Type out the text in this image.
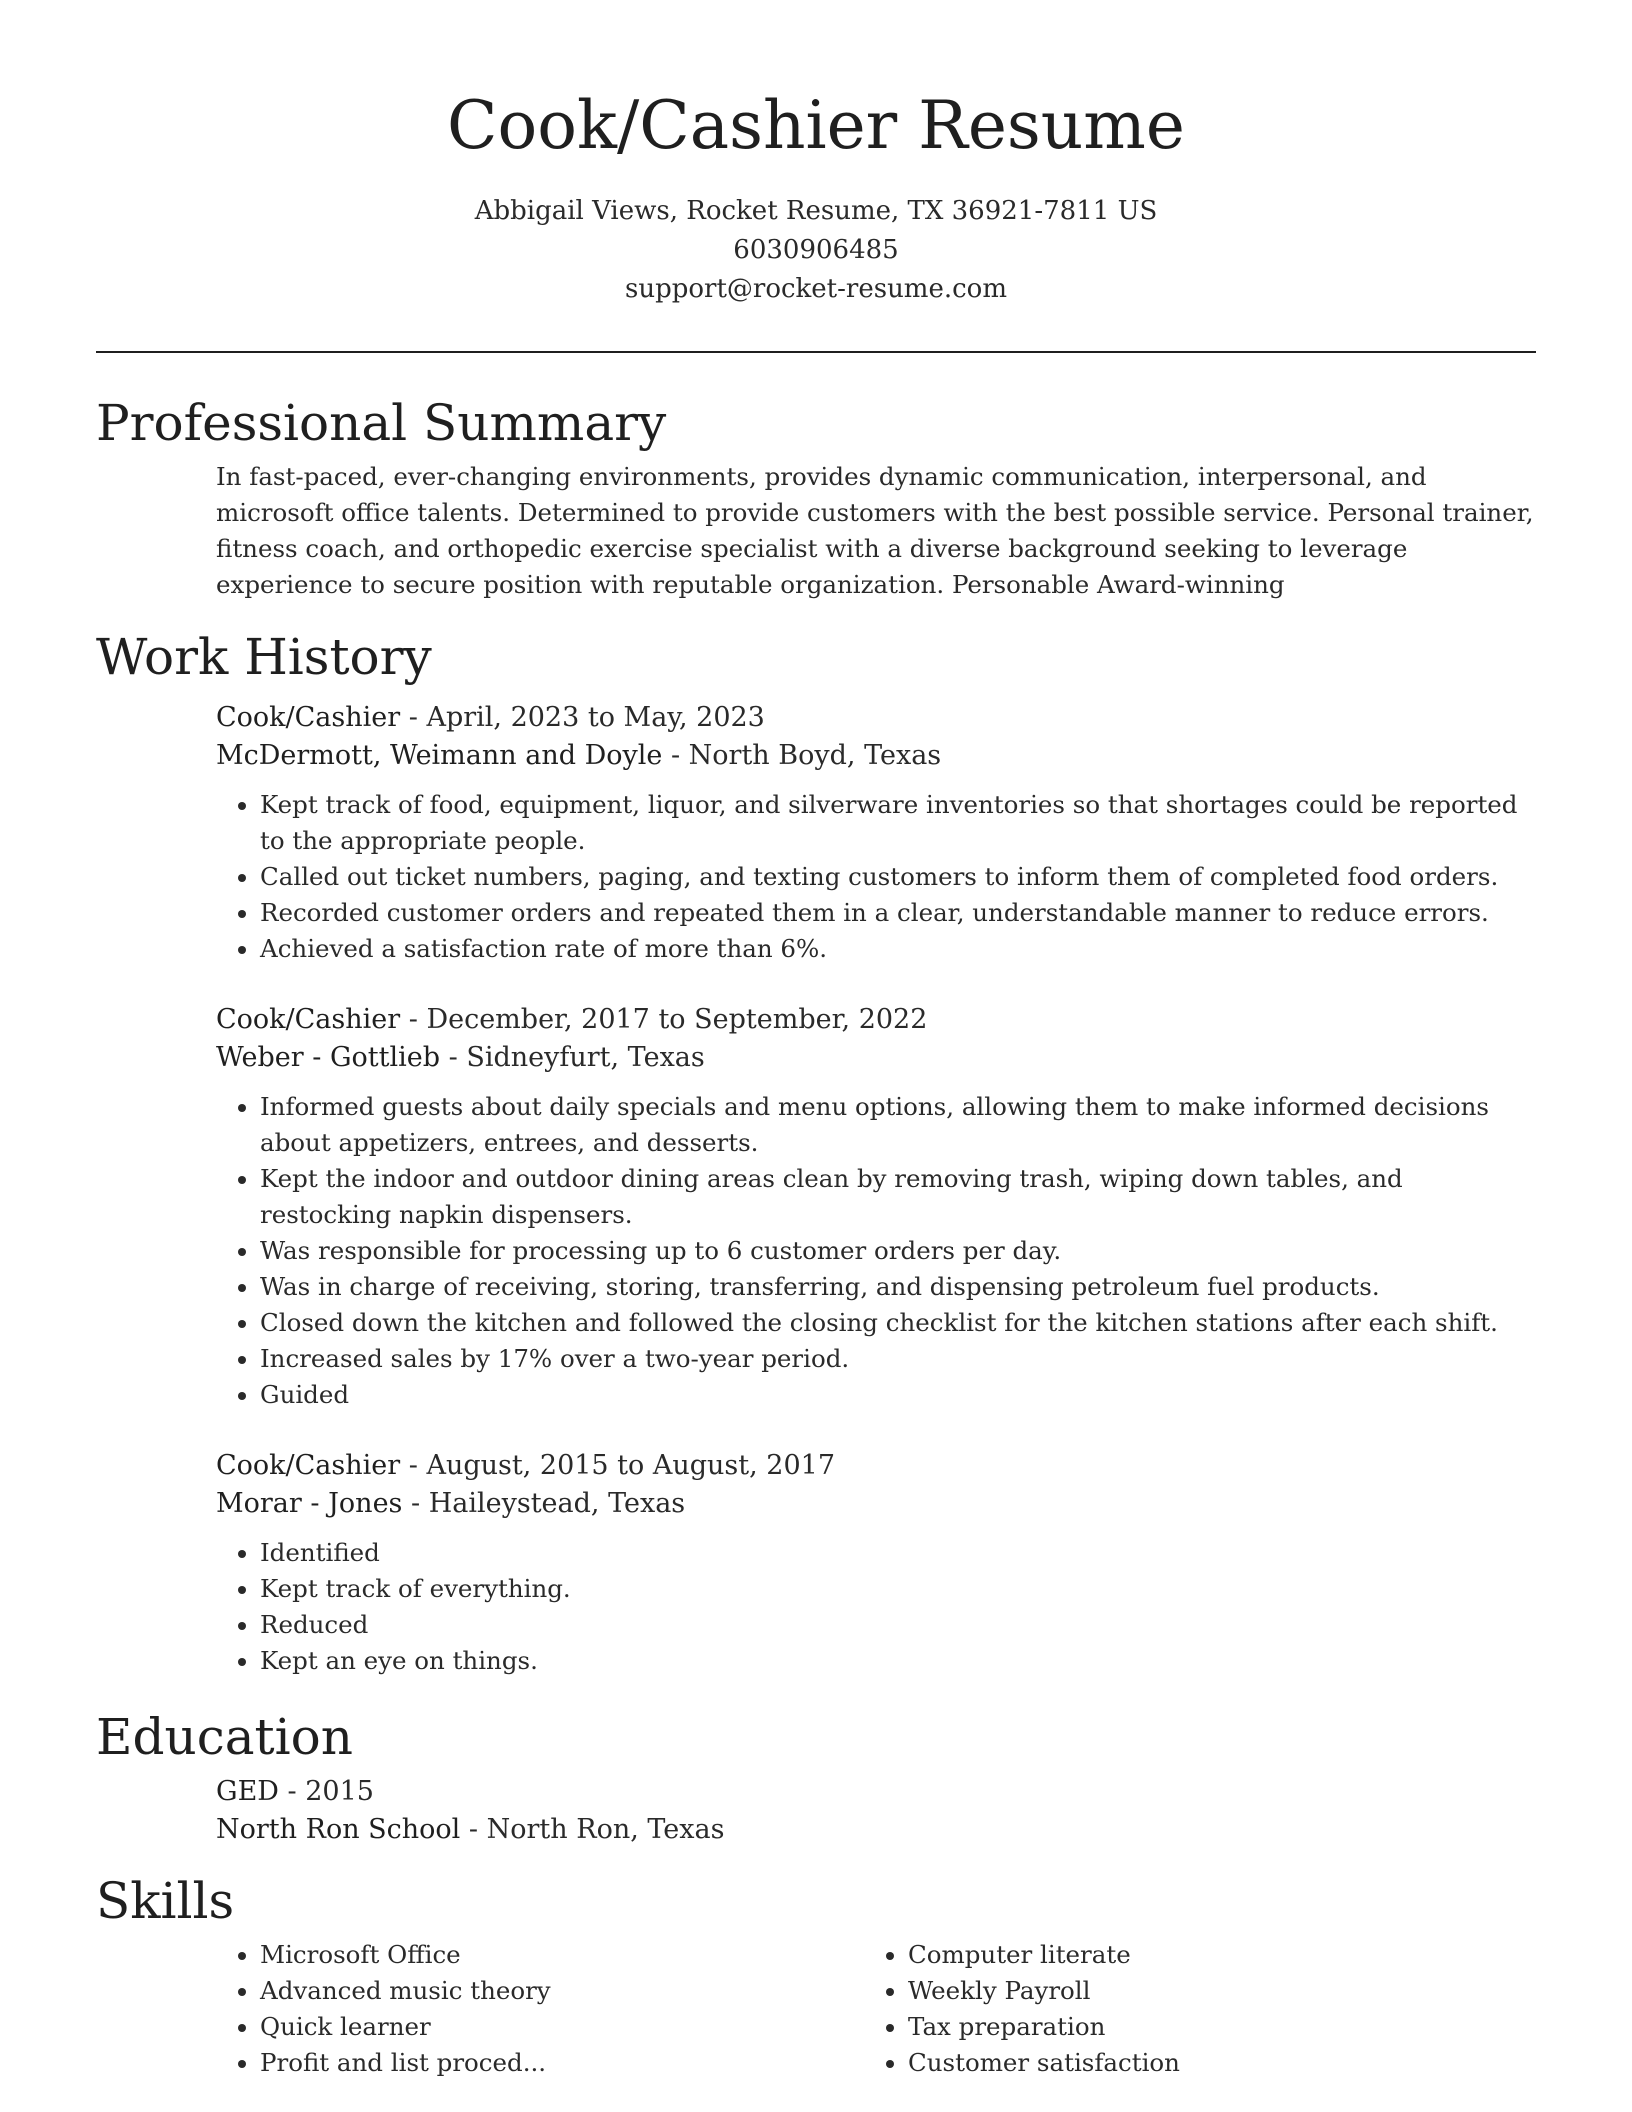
Cook/Cashier Resume
Abbigail Views, Rocket Resume, TX 36921-7811 US
6030906485
support@rocket-resume.com
Professional Summary

In fast-paced, ever-changing environments, provides dynamic communication, interpersonal, and microsoft office talents. Determined to provide customers with the best possible service. Personal trainer, fitness coach, and orthopedic exercise specialist with a diverse background seeking to leverage experience to secure position with reputable organization. Personable Award-winning

Work History
Cook/Cashier - April, 2023 to May, 2023
McDermott, Weimann and Doyle - North Boyd, Texas
• Kept track of food, equipment, liquor, and silverware inventories so that shortages could be reported to the appropriate people.
• Called out ticket numbers, paging, and texting customers to inform them of completed food orders.
• Recorded customer orders and repeated them in a clear, understandable manner to reduce errors.
• Achieved a satisfaction rate of more than 6%.
Cook/Cashier - December, 2017 to September, 2022
Weber - Gottlieb - Sidneyfurt, Texas
• Informed guests about daily specials and menu options, allowing them to make informed decisions about appetizers, entrees, and desserts.
• Kept the indoor and outdoor dining areas clean by removing trash, wiping down tables, and restocking napkin dispensers.
• Was responsible for processing up to 6 customer orders per day.
• Was in charge of receiving, storing, transferring, and dispensing petroleum fuel products.
• Closed down the kitchen and followed the closing checklist for the kitchen stations after each shift.
• Increased sales by 17% over a two-year period.
• Guided
Cook/Cashier - August, 2015 to August, 2017
Morar - Jones - Haileystead, Texas
• Identified
• Kept track of everything.
• Reduced
• Kept an eye on things.
Education
GED - 2015
North Ron School - North Ron, Texas
Skills
• Microsoft Office
• Advanced music theory
• Quick learner
• Profit and list proced...
• Computer literate
• Weekly Payroll
• Tax preparation
• Customer satisfaction
